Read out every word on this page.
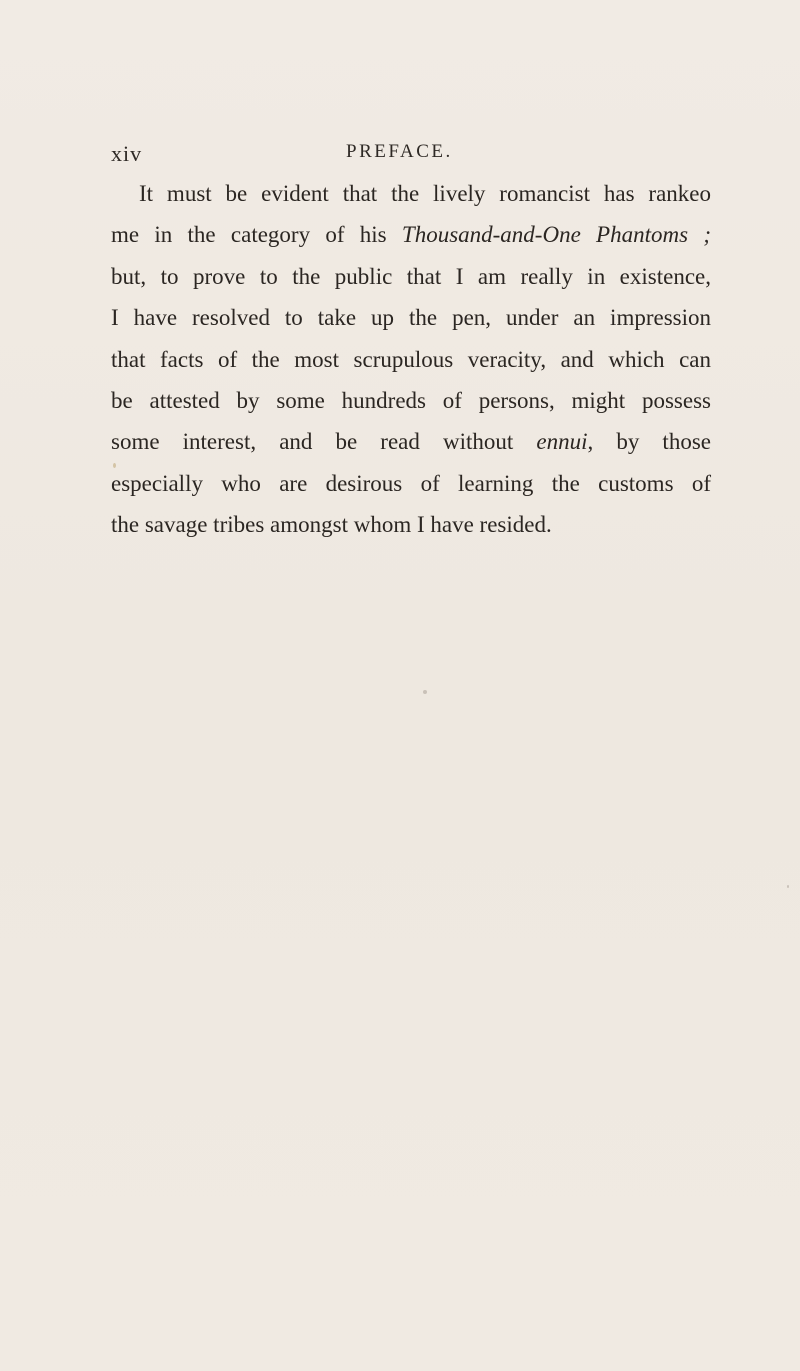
xiv	PREFACE.
It must be evident that the lively romancist has rankeo
me in the category of his Thousand-and-One Phantoms ;
but, to prove to the public that I am really in existence,
I have resolved to take up the pen, under an impression
that facts of the most scrupulous veracity, and which can
be attested by some hundreds of persons, might possess
some interest, and be read without ennui, by those
especially who are desirous of learning the customs of
the savage tribes amongst whom I have resided.
